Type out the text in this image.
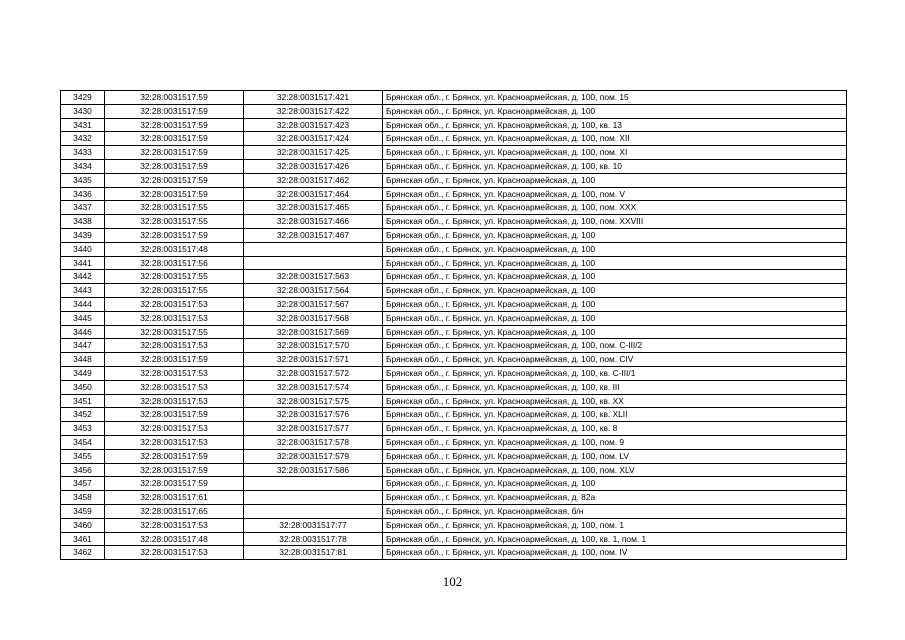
3429	32:28:0031517:59	32:28:0031517:421	Брянская обл., г. Брянск, ул. Красноармейская, д. 100, пом. 15
3430	32:28:0031517:59	32:28:0031517:422	Брянская обл., г. Брянск, ул. Красноармейская, д. 100
3431	32:28:0031517:59	32:28:0031517:423	Брянская обл., г. Брянск, ул. Красноармейская, д. 100, кв. 13
3432	32:28:0031517:59	32:28:0031517:424	Брянская обл., г. Брянск, ул. Красноармейская, д. 100, пом. XII
3433	32:28:0031517:59	32:28:0031517:425	Брянская обл., г. Брянск, ул. Красноармейская, д. 100, пом. XI
3434	32:28:0031517:59	32:28:0031517:426	Брянская обл., г. Брянск, ул. Красноармейская, д. 100, кв. 10
3435	32:28:0031517:59	32:28:0031517:462	Брянская обл., г. Брянск, ул. Красноармейская, д. 100
3436	32:28:0031517:59	32:28:0031517:464	Брянская обл., г. Брянск, ул. Красноармейская, д. 100, пом. V
3437	32:28:0031517:55	32:28:0031517:465	Брянская обл., г. Брянск, ул. Красноармейская, д. 100, пом. XXX
3438	32:28:0031517:55	32:28:0031517:466	Брянская обл., г. Брянск, ул. Красноармейская, д. 100, пом. XXVIII
3439	32:28:0031517:59	32:28:0031517:467	Брянская обл., г. Брянск, ул. Красноармейская, д. 100
3440	32:28:0031517:48		Брянская обл., г. Брянск, ул. Красноармейская, д. 100
3441	32:28:0031517:56		Брянская обл., г. Брянск, ул. Красноармейская, д. 100
3442	32:28:0031517:55	32:28:0031517:563	Брянская обл., г. Брянск, ул. Красноармейская, д. 100
3443	32:28:0031517:55	32:28:0031517:564	Брянская обл., г. Брянск, ул. Красноармейская, д. 100
3444	32:28:0031517:53	32:28:0031517:567	Брянская обл., г. Брянск, ул. Красноармейская, д. 100
3445	32:28:0031517:53	32:28:0031517:568	Брянская обл., г. Брянск, ул. Красноармейская, д. 100
3446	32:28:0031517:55	32:28:0031517:569	Брянская обл., г. Брянск, ул. Красноармейская, д. 100
3447	32:28:0031517:53	32:28:0031517:570	Брянская обл., г. Брянск, ул. Красноармейская, д. 100, пом. С-III/2
3448	32:28:0031517:59	32:28:0031517:571	Брянская обл., г. Брянск, ул. Красноармейская, д. 100, пом. CIV
3449	32:28:0031517:53	32:28:0031517:572	Брянская обл., г. Брянск, ул. Красноармейская, д. 100, кв. С-III/1
3450	32:28:0031517:53	32:28:0031517:574	Брянская обл., г. Брянск, ул. Красноармейская, д. 100, кв. III
3451	32:28:0031517:53	32:28:0031517:575	Брянская обл., г. Брянск, ул. Красноармейская, д. 100, кв. XX
3452	32:28:0031517:59	32:28:0031517:576	Брянская обл., г. Брянск, ул. Красноармейская, д. 100, кв. XLII
3453	32:28:0031517:53	32:28:0031517:577	Брянская обл., г. Брянск, ул. Красноармейская, д. 100, кв. 8
3454	32:28:0031517:53	32:28:0031517:578	Брянская обл., г. Брянск, ул. Красноармейская, д. 100, пом. 9
3455	32:28:0031517:59	32:28:0031517:579	Брянская обл., г. Брянск, ул. Красноармейская, д. 100, пом. LV
3456	32:28:0031517:59	32:28:0031517:586	Брянская обл., г. Брянск, ул. Красноармейская, д. 100, пом. XLV
3457	32:28:0031517:59		Брянская обл., г. Брянск, ул. Красноармейская, д. 100
3458	32:28:0031517:61		Брянская обл., г. Брянск, ул. Красноармейская, д. 82а
3459	32:28:0031517:65		Брянская обл., г. Брянск, ул. Красноармейская, б/н
3460	32:28:0031517:53	32:28:0031517:77	Брянская обл., г. Брянск, ул. Красноармейская, д. 100, пом. 1
3461	32:28:0031517:48	32:28:0031517:78	Брянская обл., г. Брянск, ул. Красноармейская, д. 100, кв. 1, пом. 1
3462	32:28:0031517:53	32:28:0031517:81	Брянская обл., г. Брянск, ул. Красноармейская, д. 100, пом. IV
102
